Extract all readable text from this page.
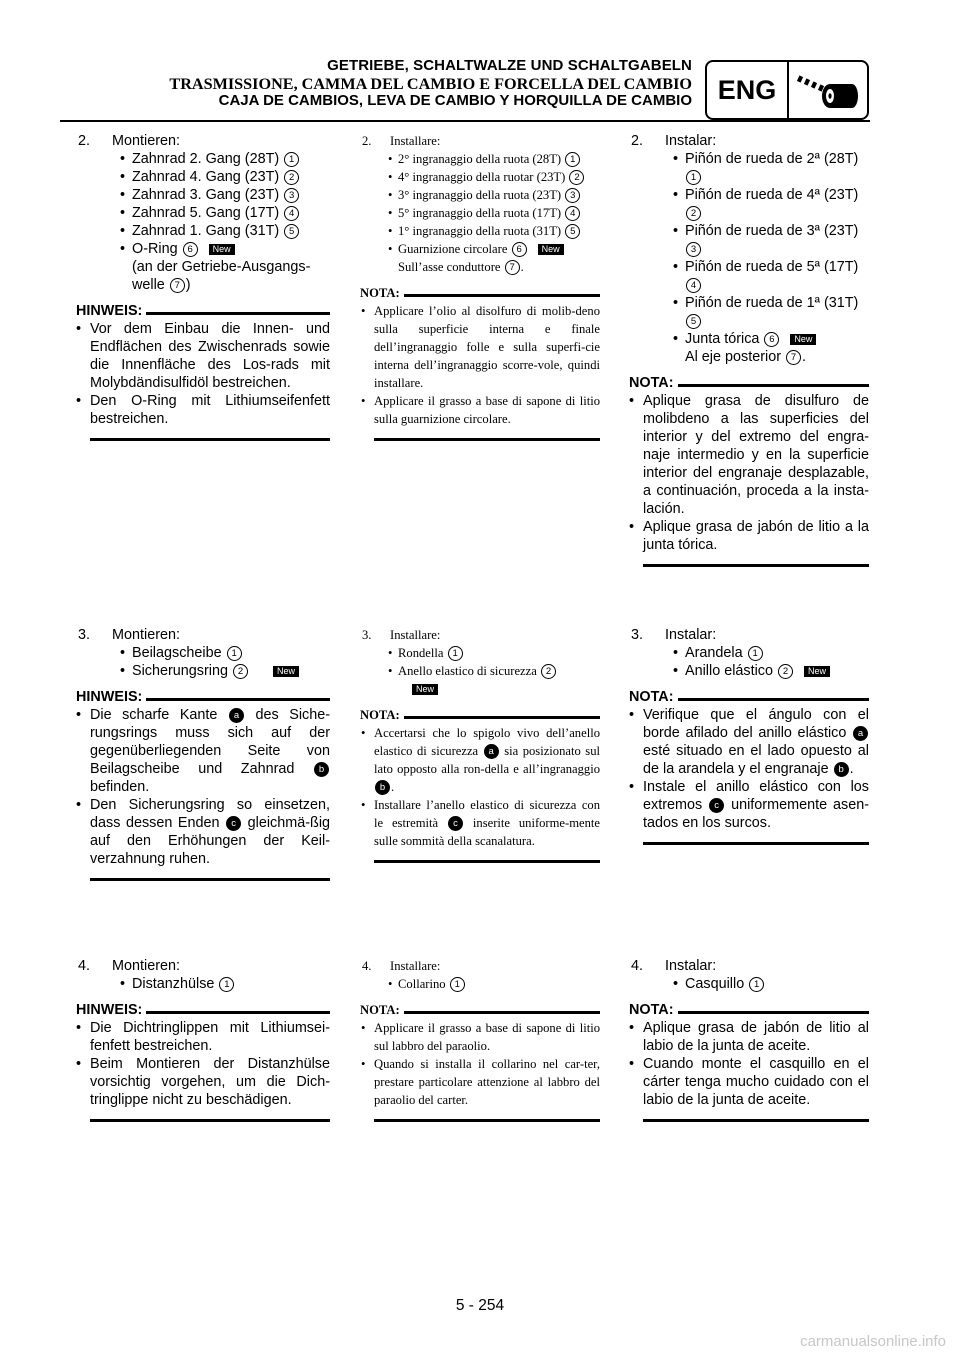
GETRIEBE, SCHALTWALZE UND SCHALTGABELN
TRASMISSIONE, CAMMA DEL CAMBIO E FORCELLA DEL CAMBIO
CAJA DE CAMBIOS, LEVA DE CAMBIO Y HORQUILLA DE CAMBIO ENG
2. Montieren:
• Zahnrad 2. Gang (28T) 1
• Zahnrad 4. Gang (23T) 2
• Zahnrad 3. Gang (23T) 3
• Zahnrad 5. Gang (17T) 4
• Zahnrad 1. Gang (31T) 5
• O-Ring 6 New
(an der Getriebe-Ausgangs-
welle 7 )
HINWEIS:
• Vor dem Einbau die Innen- und Endflächen des Zwischenrads sowie die Innenfläche des Los-rads mit Molybdändisulfidöl bestreichen.
• Den O-Ring mit Lithiumseifenfett bestreichen.
2. Installare:
• 2° ingranaggio della ruota (28T) 1
• 4° ingranaggio della ruotar (23T) 2
• 3° ingranaggio della ruota (23T) 3
• 5° ingranaggio della ruota (17T) 4
• 1° ingranaggio della ruota (31T) 5
• Guarnizione circolare 6 New
Sull’asse conduttore 7 .
NOTA:
• Applicare l’olio al disolfuro di molib-deno sulla superficie interna e finale dell’ingranaggio folle e sulla superfi-cie interna dell’ingranaggio scorre-vole, quindi installare.
• Applicare il grasso a base di sapone di litio sulla guarnizione circolare.
2. Instalar:
• Piñón de rueda de 2ª (28T) 1
• Piñón de rueda de 4ª (23T) 2
• Piñón de rueda de 3ª (23T) 3
• Piñón de rueda de 5ª (17T) 4
• Piñón de rueda de 1ª (31T) 5
• Junta tórica 6 New
Al eje posterior 7 .
NOTA:
• Aplique grasa de disulfuro de molibdeno a las superficies del interior y del extremo del engra-naje intermedio y en la superficie interior del engranaje desplazable, a continuación, proceda a la insta-lación.
• Aplique grasa de jabón de litio a la junta tórica.
3. Montieren:
• Beilagscheibe 1
• Sicherungsring 2	New
HINWEIS:
• Die scharfe Kante a des Siche-rungsrings muss sich auf der gegenüberliegenden Seite von Beilagscheibe und Zahnrad	b befinden.
• Den Sicherungsring so einsetzen, dass dessen Enden c gleichmä-ßig auf den Erhöhungen der Keil-verzahnung ruhen.
3. Installare:
• Rondella 1
• Anello elastico di sicurezza 2
New
NOTA:
• Accertarsi che lo spigolo vivo dell’anello elastico di sicurezza a sia posizionato sul lato opposto alla ron-della e all’ingranaggio b .
• Installare l’anello elastico di sicurezza con le estremità c inserite uniforme-mente sulle sommità della scanalatura.
3. Instalar:
• Arandela 1
• Anillo elástico 2 New
NOTA:
• Verifique que el ángulo con el borde afilado del anillo elástico a esté situado en el lado opuesto al de la arandela y el engranaje b .
• Instale el anillo elástico con los extremos c uniformemente asen-tados en los surcos.
4. Montieren:
• Distanzhülse 1
HINWEIS:
• Die Dichtringlippen mit Lithiumsei-fenfett bestreichen.
• Beim Montieren der Distanzhülse vorsichtig vorgehen, um die Dich-tringlippe nicht zu beschädigen.
4. Installare:
• Collarino 1
NOTA:
• Applicare il grasso a base di sapone di litio sul labbro del paraolio.
• Quando si installa il collarino nel car-ter, prestare particolare attenzione al labbro del paraolio del carter.
4. Instalar:
• Casquillo 1
NOTA:
• Aplique grasa de jabón de litio al labio de la junta de aceite.
• Cuando monte el casquillo en el cárter tenga mucho cuidado con el labio de la junta de aceite.
5 - 254
carmanualsonline.info
